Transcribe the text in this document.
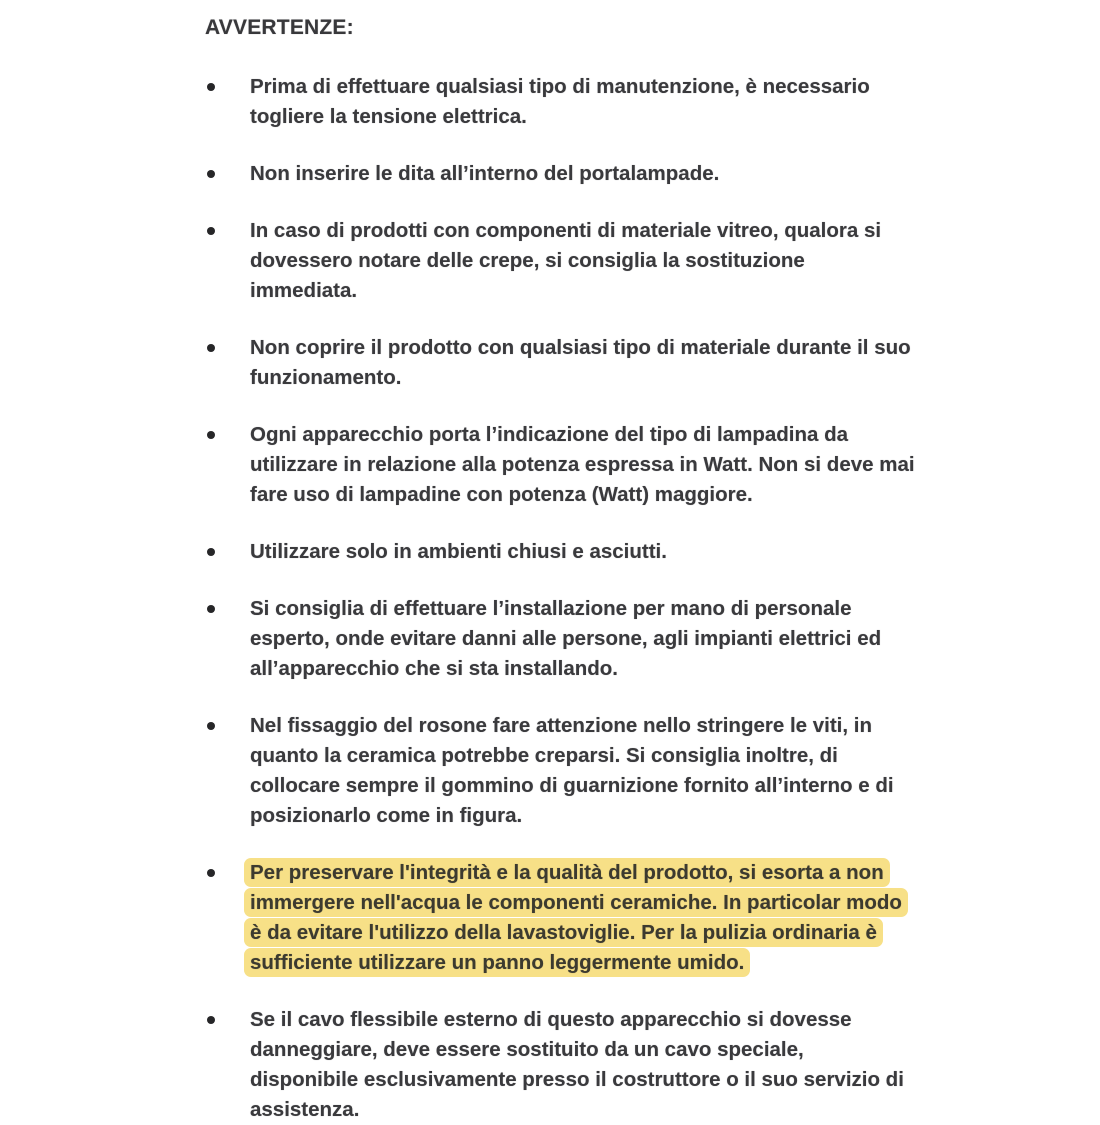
AVVERTENZE:
Prima di effettuare qualsiasi tipo di manutenzione, è necessario togliere la tensione elettrica.
Non inserire le dita all’interno del portalampade.
In caso di prodotti con componenti di materiale vitreo, qualora si dovessero notare delle crepe, si consiglia la sostituzione immediata.
Non coprire il prodotto con qualsiasi tipo di materiale durante il suo funzionamento.
Ogni apparecchio porta l’indicazione del tipo di lampadina da utilizzare in relazione alla potenza espressa in Watt. Non si deve mai fare uso di lampadine con potenza (Watt) maggiore.
Utilizzare solo in ambienti chiusi e asciutti.
Si consiglia di effettuare l’installazione per mano di personale esperto, onde evitare danni alle persone, agli impianti elettrici ed all’apparecchio che si sta installando.
Nel fissaggio del rosone fare attenzione nello stringere le viti, in quanto la ceramica potrebbe creparsi. Si consiglia inoltre, di collocare sempre il gommino di guarnizione fornito all’interno e di posizionarlo come in figura.
Per preservare l'integrità e la qualità del prodotto, si esorta a non immergere nell'acqua le componenti ceramiche. In particolar modo è da evitare l'utilizzo della lavastoviglie. Per la pulizia ordinaria è sufficiente utilizzare un panno leggermente umido.
Se il cavo flessibile esterno di questo apparecchio si dovesse danneggiare, deve essere sostituito da un cavo speciale, disponibile esclusivamente presso il costruttore o il suo servizio di assistenza.
